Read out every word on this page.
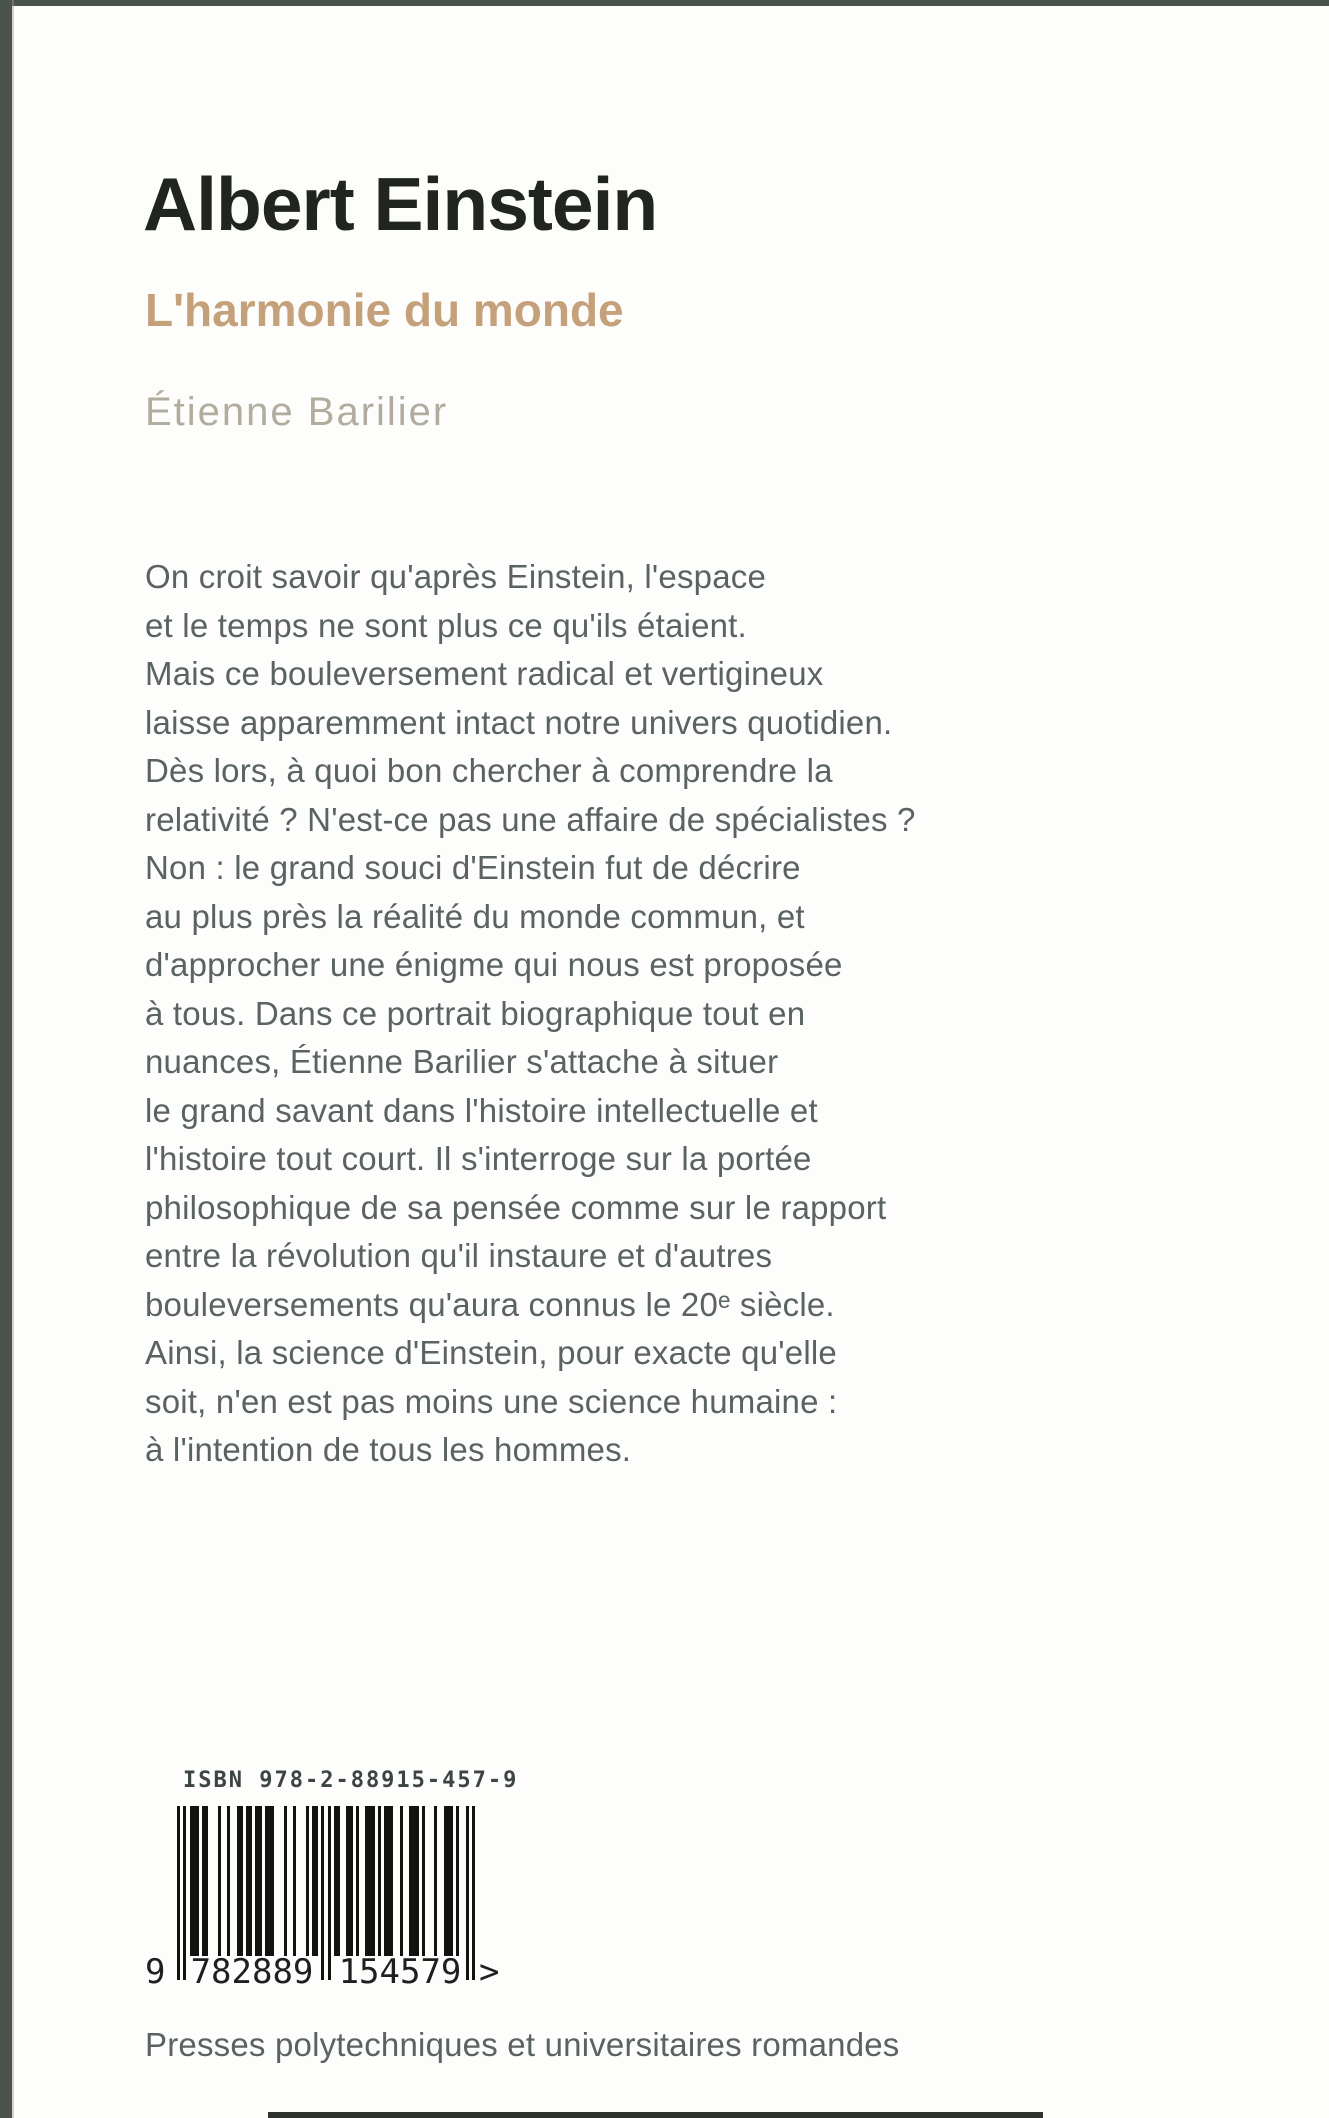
Albert Einstein
L'harmonie du monde
Étienne Barilier
On croit savoir qu'après Einstein, l'espace
et le temps ne sont plus ce qu'ils étaient.
Mais ce bouleversement radical et vertigineux
laisse apparemment intact notre univers quotidien.
Dès lors, à quoi bon chercher à comprendre la
relativité ? N'est-ce pas une affaire de spécialistes ?
Non : le grand souci d'Einstein fut de décrire
au plus près la réalité du monde commun, et
d'approcher une énigme qui nous est proposée
à tous. Dans ce portrait biographique tout en
nuances, Étienne Barilier s'attache à situer
le grand savant dans l'histoire intellectuelle et
l'histoire tout court. Il s'interroge sur la portée
philosophique de sa pensée comme sur le rapport
entre la révolution qu'il instaure et d'autres
bouleversements qu'aura connus le 20ᵉ siècle.
Ainsi, la science d'Einstein, pour exacte qu'elle
soit, n'en est pas moins une science humaine :
à l'intention de tous les hommes.
ISBN 978-2-88915-457-9
9 782889 154579 >
Presses polytechniques et universitaires romandes
